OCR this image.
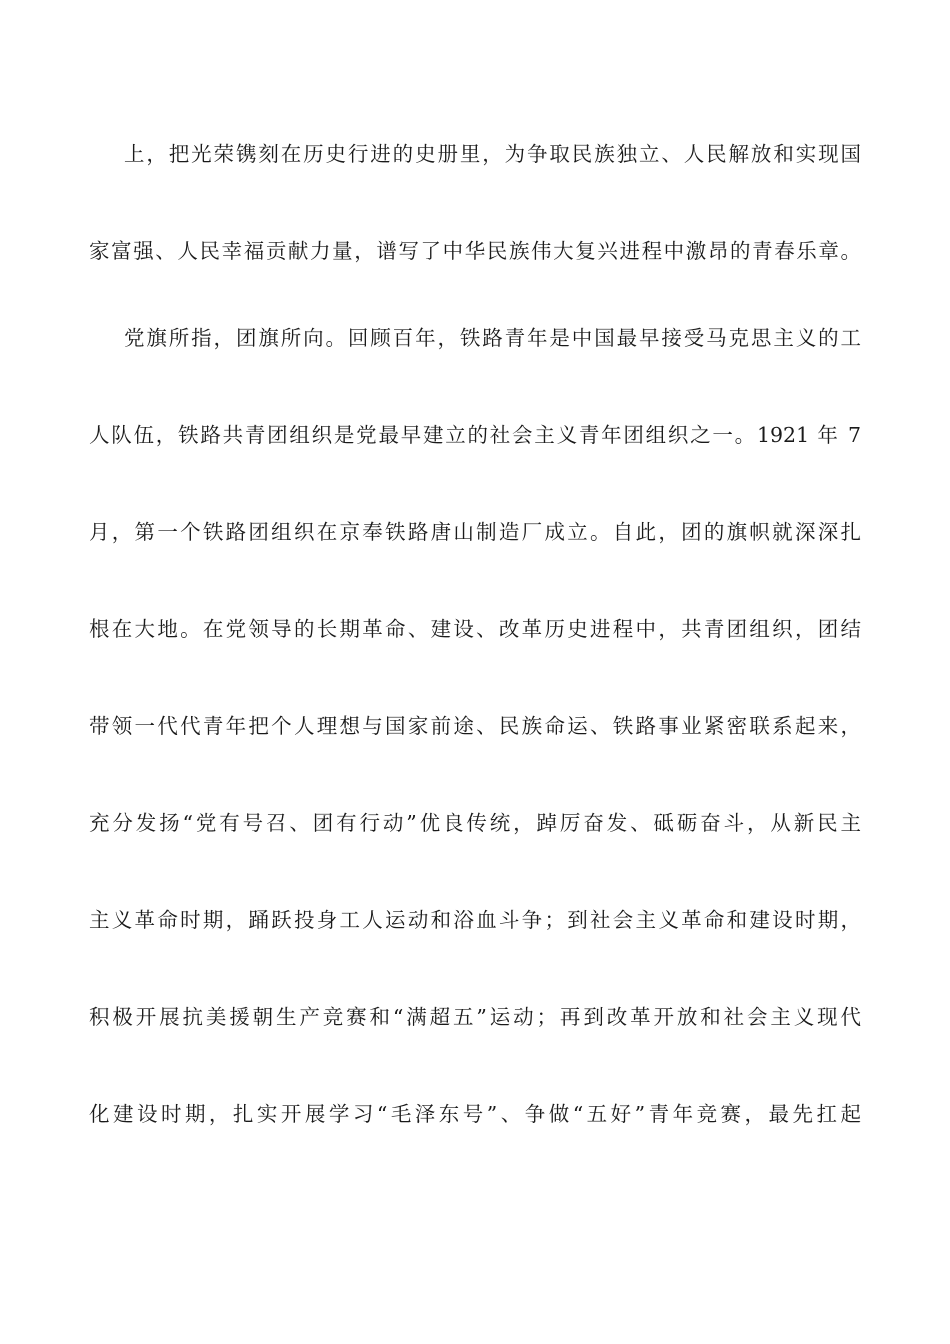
上，把光荣镌刻在历史行进的史册里，为争取民族独立、人民解放和实现国
家富强、人民幸福贡献力量，谱写了中华民族伟大复兴进程中激昂的青春乐章。
党旗所指，团旗所向。回顾百年，铁路青年是中国最早接受马克思主义的工
人队伍，铁路共青团组织是党最早建立的社会主义青年团组织之一。1921 年 7
月，第一个铁路团组织在京奉铁路唐山制造厂成立。自此，团的旗帜就深深扎
根在大地。在党领导的长期革命、建设、改革历史进程中，共青团组织，团结
带领一代代青年把个人理想与国家前途、民族命运、铁路事业紧密联系起来，
充分发扬“党有号召、团有行动”优良传统，踔厉奋发、砥砺奋斗，从新民主
主义革命时期，踊跃投身工人运动和浴血斗争；到社会主义革命和建设时期，
积极开展抗美援朝生产竞赛和“满超五”运动；再到改革开放和社会主义现代
化建设时期，扎实开展学习“毛泽东号”、争做“五好”青年竞赛，最先扛起
